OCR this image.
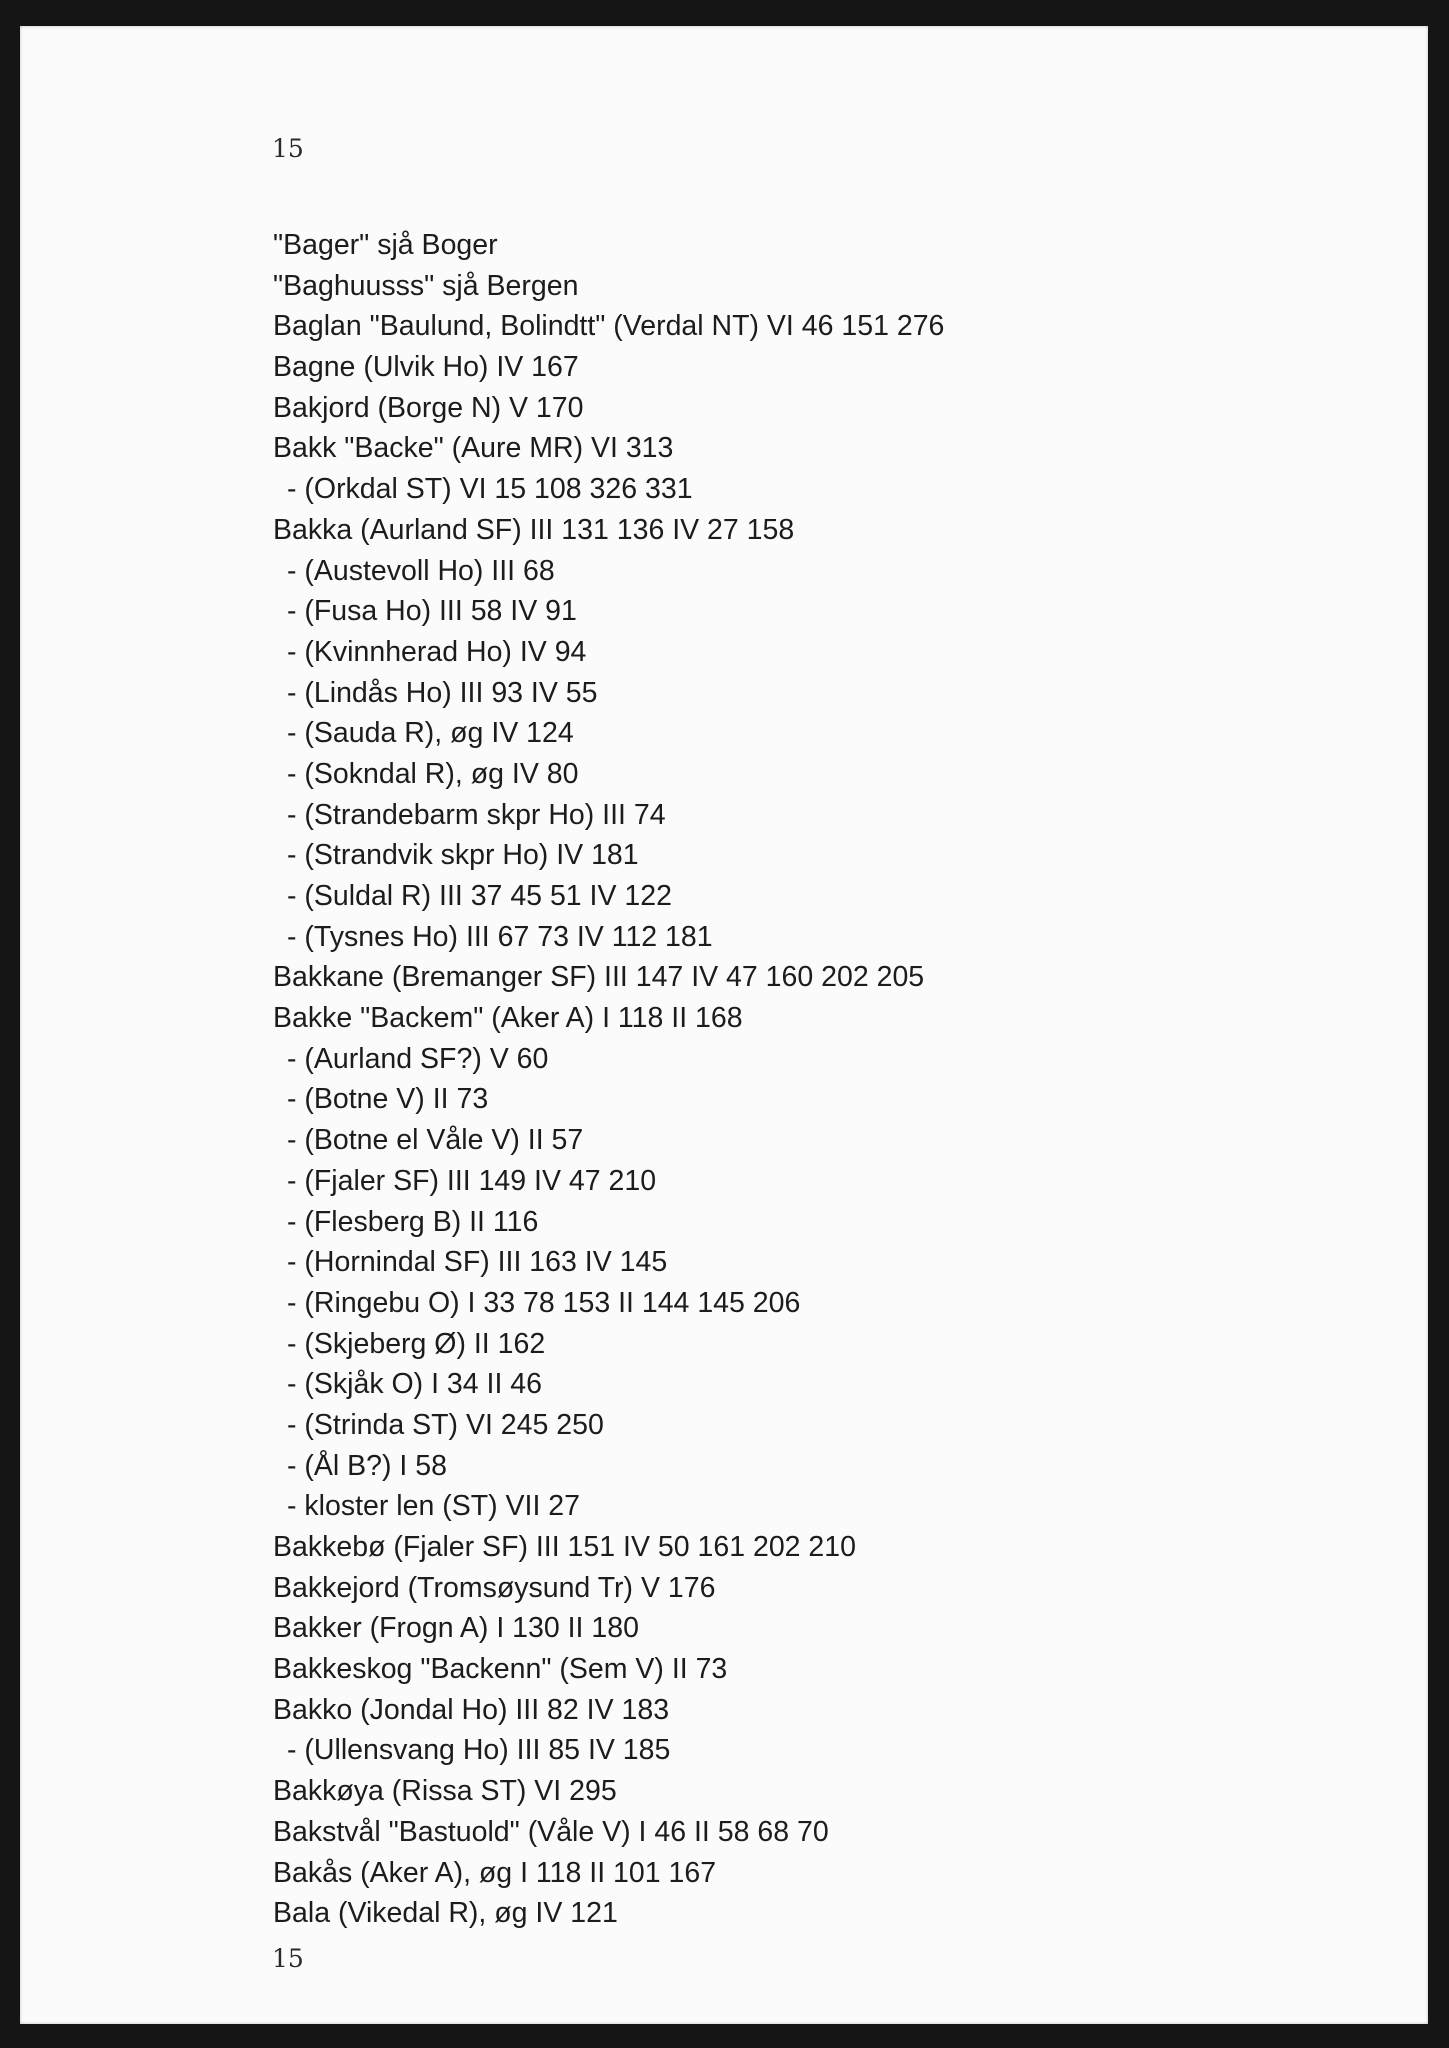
15
"Bager" sjå Boger
"Baghuusss" sjå Bergen
Baglan "Baulund, Bolindtt" (Verdal NT) VI 46 151 276
Bagne (Ulvik Ho) IV 167
Bakjord (Borge N) V 170
Bakk "Backe" (Aure MR) VI 313
- (Orkdal ST) VI 15 108 326 331
Bakka (Aurland SF) III 131 136 IV 27 158
- (Austevoll Ho) III 68
- (Fusa Ho) III 58 IV 91
- (Kvinnherad Ho) IV 94
- (Lindås Ho) III 93 IV 55
- (Sauda R), øg IV 124
- (Sokndal R), øg IV 80
- (Strandebarm skpr Ho) III 74
- (Strandvik skpr Ho) IV 181
- (Suldal R) III 37 45 51 IV 122
- (Tysnes Ho) III 67 73 IV 112 181
Bakkane (Bremanger SF) III 147 IV 47 160 202 205
Bakke "Backem" (Aker A) I 118 II 168
- (Aurland SF?) V 60
- (Botne V) II 73
- (Botne el Våle V) II 57
- (Fjaler SF) III 149 IV 47 210
- (Flesberg B) II 116
- (Hornindal SF) III 163 IV 145
- (Ringebu O) I 33 78 153 II 144 145 206
- (Skjeberg Ø) II 162
- (Skjåk O) I 34 II 46
- (Strinda ST) VI 245 250
- (Ål B?) I 58
- kloster len (ST) VII 27
Bakkebø (Fjaler SF) III 151 IV 50 161 202 210
Bakkejord (Tromsøysund Tr) V 176
Bakker (Frogn A) I 130 II 180
Bakkeskog "Backenn" (Sem V) II 73
Bakko (Jondal Ho) III 82 IV 183
- (Ullensvang Ho) III 85 IV 185
Bakkøya (Rissa ST) VI 295
Bakstvål "Bastuold" (Våle V) I 46 II 58 68 70
Bakås (Aker A), øg I 118 II 101 167
Bala (Vikedal R), øg IV 121
15
